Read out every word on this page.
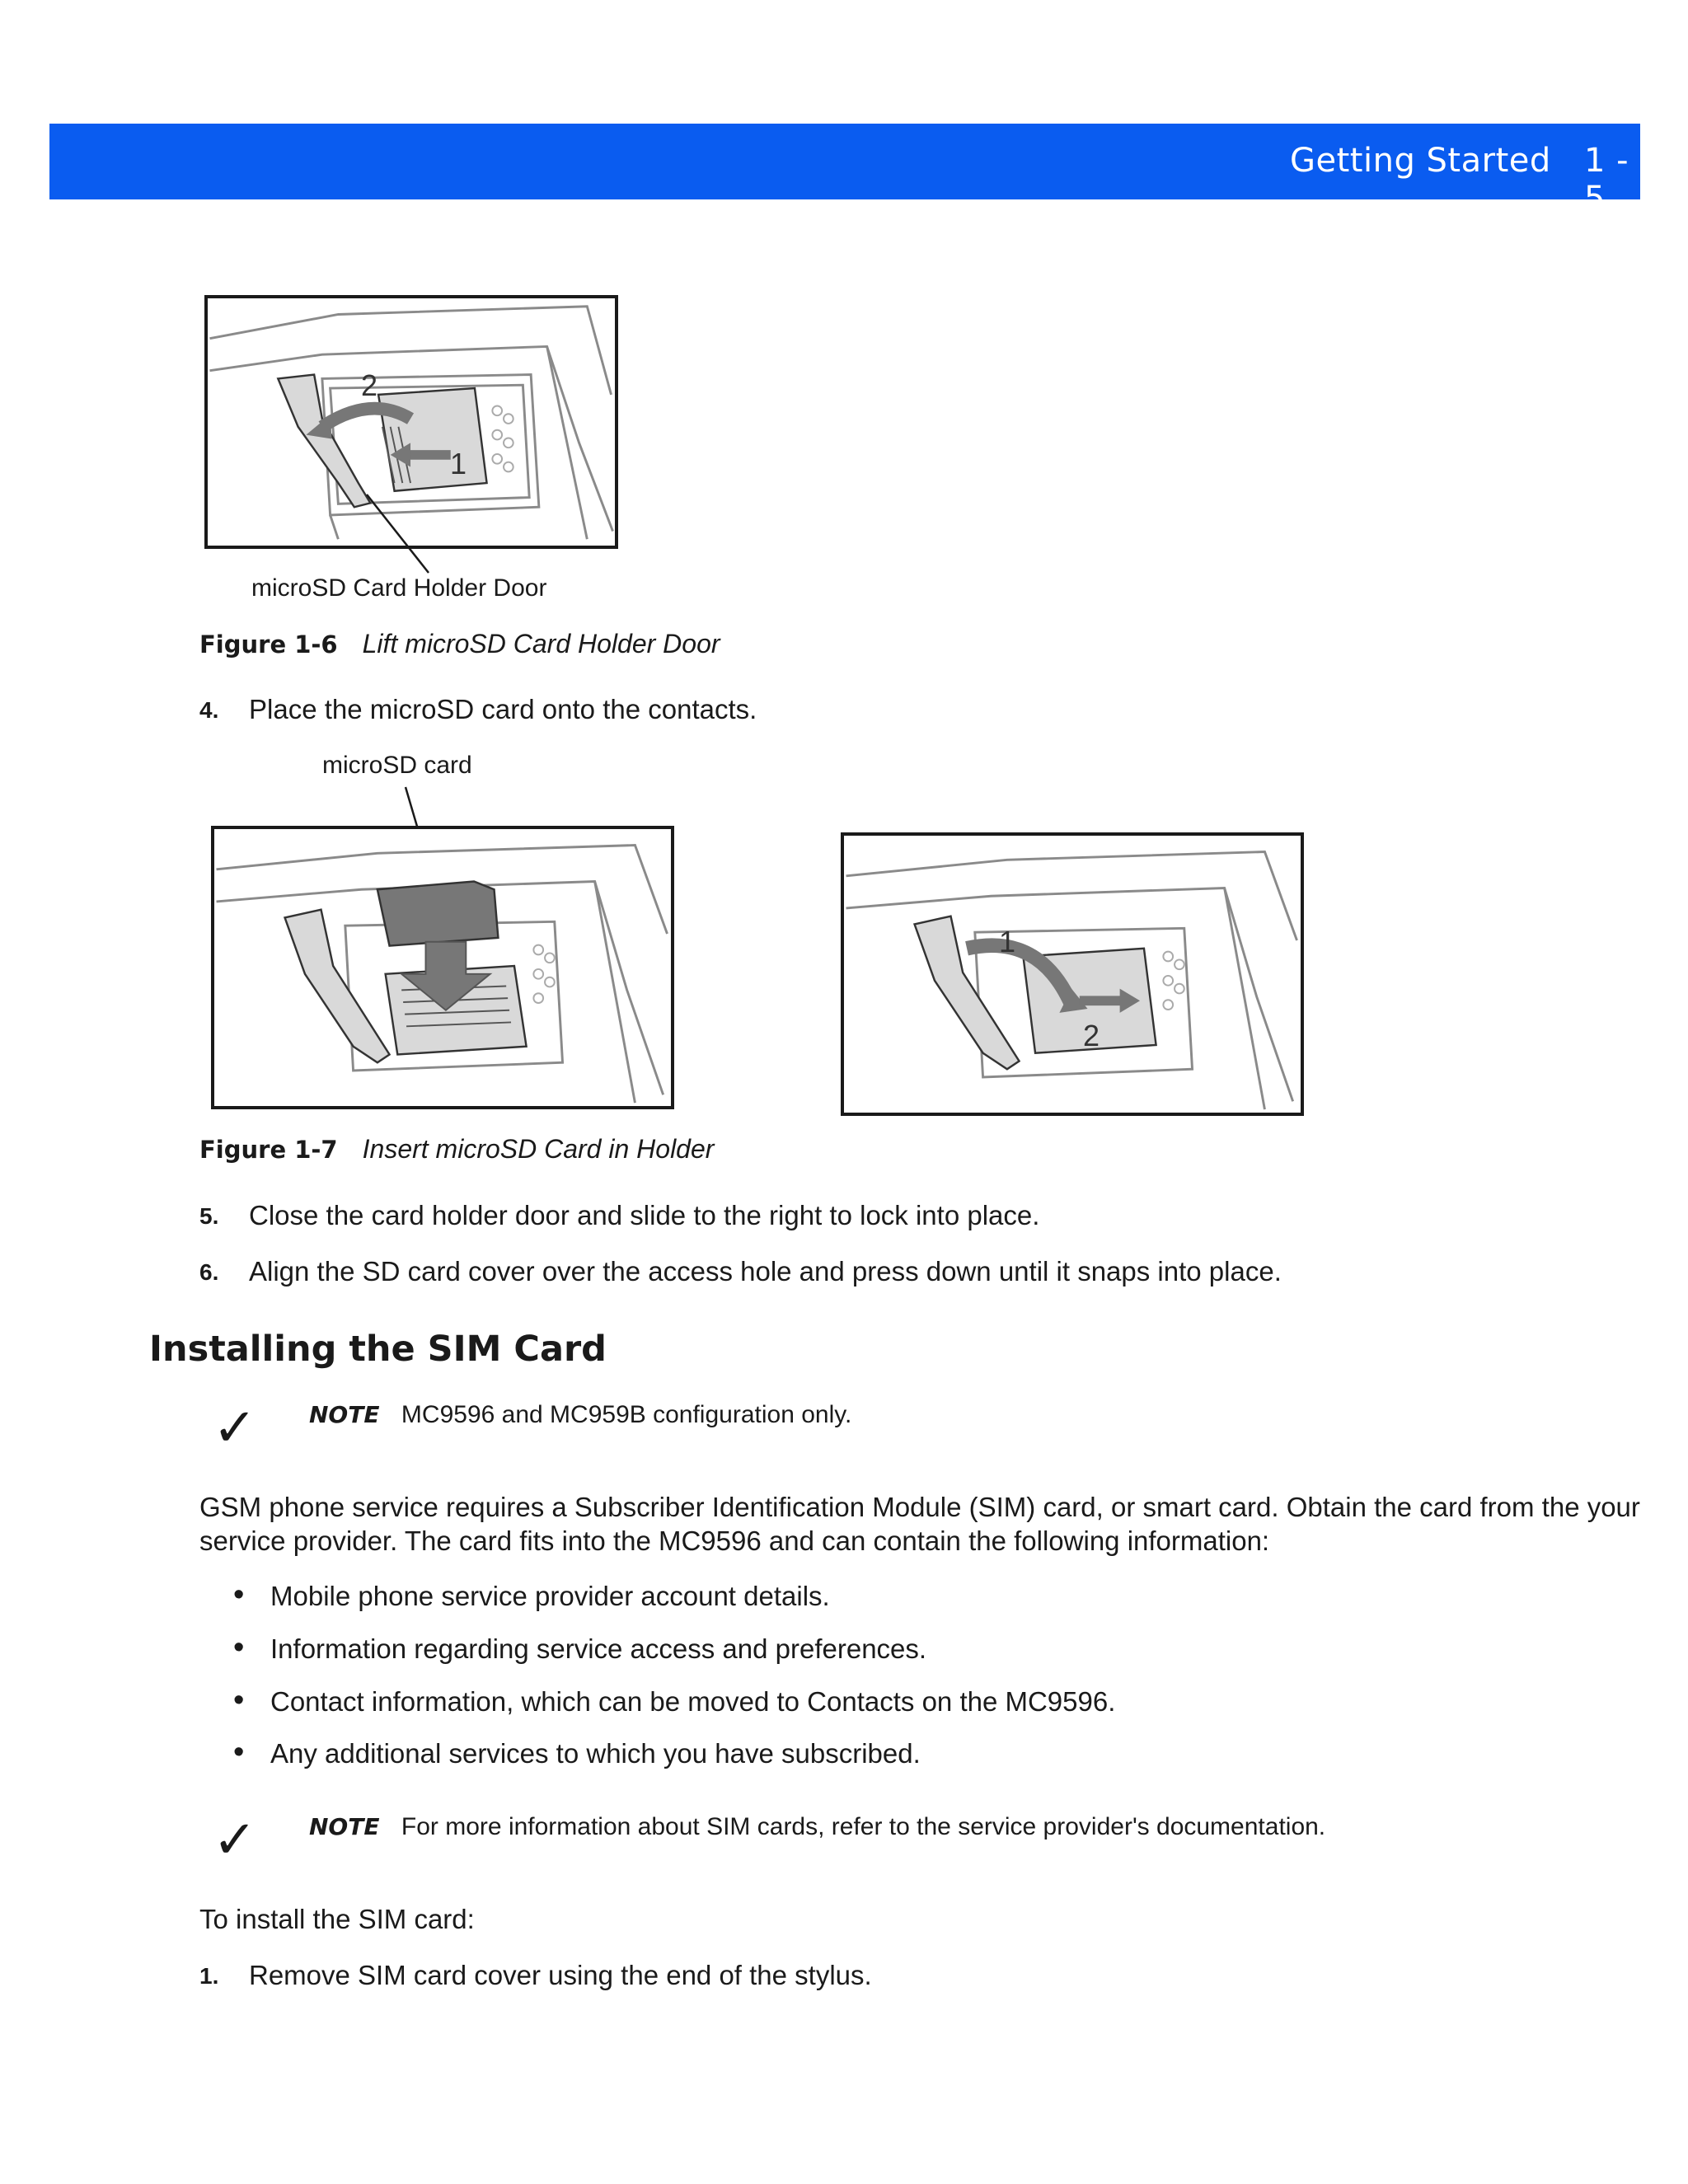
Getting Started 1 - 5
2
1
microSD Card Holder Door
Figure 1-6 Lift microSD Card Holder Door
4. Place the microSD card onto the contacts.
microSD card
1
2
Figure 1-7 Insert microSD Card in Holder
5. Close the card holder door and slide to the right to lock into place.
6. Align the SD card cover over the access hole and press down until it snaps into place.
Installing the SIM Card
✓ NOTE MC9596 and MC959B configuration only.
GSM phone service requires a Subscriber Identification Module (SIM) card, or smart card. Obtain the card from the your service provider. The card fits into the MC9596 and can contain the following information:
• Mobile phone service provider account details.
• Information regarding service access and preferences.
• Contact information, which can be moved to Contacts on the MC9596.
• Any additional services to which you have subscribed.
✓ NOTE For more information about SIM cards, refer to the service provider's documentation.
To install the SIM card:
1. Remove SIM card cover using the end of the stylus.
